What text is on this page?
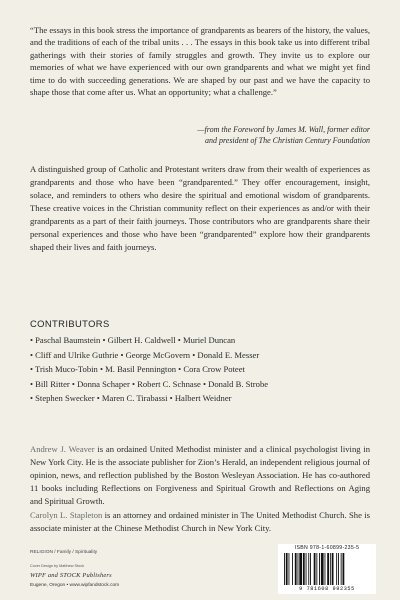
“The essays in this book stress the importance of grandparents as bearers of the history, the values, and the traditions of each of the tribal units . . . The essays in this book take us into different tribal gatherings with their stories of family struggles and growth. They invite us to explore our memories of what we have experienced with our own grandparents and what we might yet find time to do with succeeding generations. We are shaped by our past and we have the capacity to shape those that come after us. What an opportunity; what a challenge.”
—from the Foreword by James M. Wall, former editor
and president of The Christian Century Foundation
A distinguished group of Catholic and Protestant writers draw from their wealth of experiences as grandparents and those who have been “grandparented.” They offer encouragement, insight, solace, and reminders to others who desire the spiritual and emotional wisdom of grandparents. These creative voices in the Christian community reflect on their experiences as and/or with their grandparents as a part of their faith journeys. Those contributors who are grandparents share their personal experiences and those who have been “grandparented” explore how their grandparents shaped their lives and faith journeys.
CONTRIBUTORS
• Paschal Baumstein • Gilbert H. Caldwell • Muriel Duncan
• Cliff and Ulrike Guthrie • George McGovern • Donald E. Messer
• Trish Muco-Tobin • M. Basil Pennington • Cora Crow Poteet
• Bill Ritter • Donna Schaper • Robert C. Schnase • Donald B. Strobe
• Stephen Swecker • Maren C. Tirabassi • Halbert Weidner
Andrew J. Weaver is an ordained United Methodist minister and a clinical psychologist living in New York City. He is the associate publisher for Zion’s Herald, an independent religious journal of opinion, news, and reflection published by the Boston Wesleyan Association. He has co-authored 11 books including Reflections on Forgiveness and Spiritual Growth and Reflections on Aging and Spiritual Growth.
Carolyn L. Stapleton is an attorney and ordained minister in The United Methodist Church. She is associate minister at the Chinese Methodist Church in New York City.
RELIGION / Family / Spirituality
Cover Design by Matthew Stock
WIPF and STOCK Publishers
Eugene, Oregon • www.wipfandstock.com
ISBN 978-1-60899-235-5
9 781608 992355
